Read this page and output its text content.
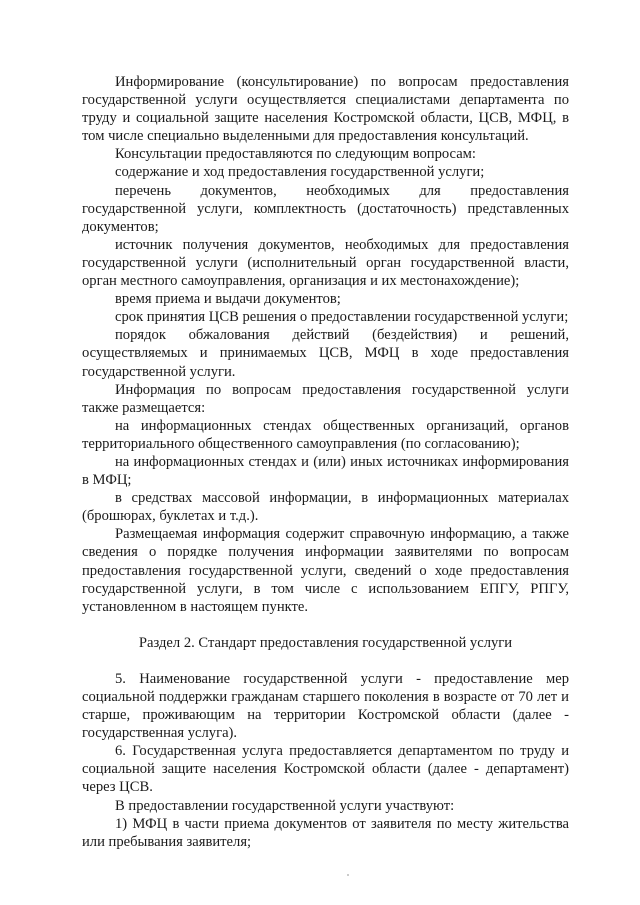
Информирование (консультирование) по вопросам предоставления государственной услуги осуществляется специалистами департамента по труду и социальной защите населения Костромской области, ЦСВ, МФЦ, в том числе специально выделенными для предоставления консультаций.

Консультации предоставляются по следующим вопросам:

содержание и ход предоставления государственной услуги;

перечень документов, необходимых для предоставления государственной услуги, комплектность (достаточность) представленных документов;

источник получения документов, необходимых для предоставления государственной услуги (исполнительный орган государственной власти, орган местного самоуправления, организация и их местонахождение);

время приема и выдачи документов;

срок принятия ЦСВ решения о предоставлении государственной услуги;

порядок обжалования действий (бездействия) и решений, осуществляемых и принимаемых ЦСВ, МФЦ в ходе предоставления государственной услуги.

Информация по вопросам предоставления государственной услуги также размещается:

на информационных стендах общественных организаций, органов территориального общественного самоуправления (по согласованию);

на информационных стендах и (или) иных источниках информирования в МФЦ;

в средствах массовой информации, в информационных материалах (брошюрах, буклетах и т.д.).

Размещаемая информация содержит справочную информацию, а также сведения о порядке получения информации заявителями по вопросам предоставления государственной услуги, сведений о ходе предоставления государственной услуги, в том числе с использованием ЕПГУ, РПГУ, установленном в настоящем пункте.

Раздел 2. Стандарт предоставления государственной услуги

5. Наименование государственной услуги - предоставление мер социальной поддержки гражданам старшего поколения в возрасте от 70 лет и старше, проживающим на территории Костромской области (далее - государственная услуга).

6. Государственная услуга предоставляется департаментом по труду и социальной защите населения Костромской области (далее - департамент) через ЦСВ.

В предоставлении государственной услуги участвуют:

1) МФЦ в части приема документов от заявителя по месту жительства или пребывания заявителя;
